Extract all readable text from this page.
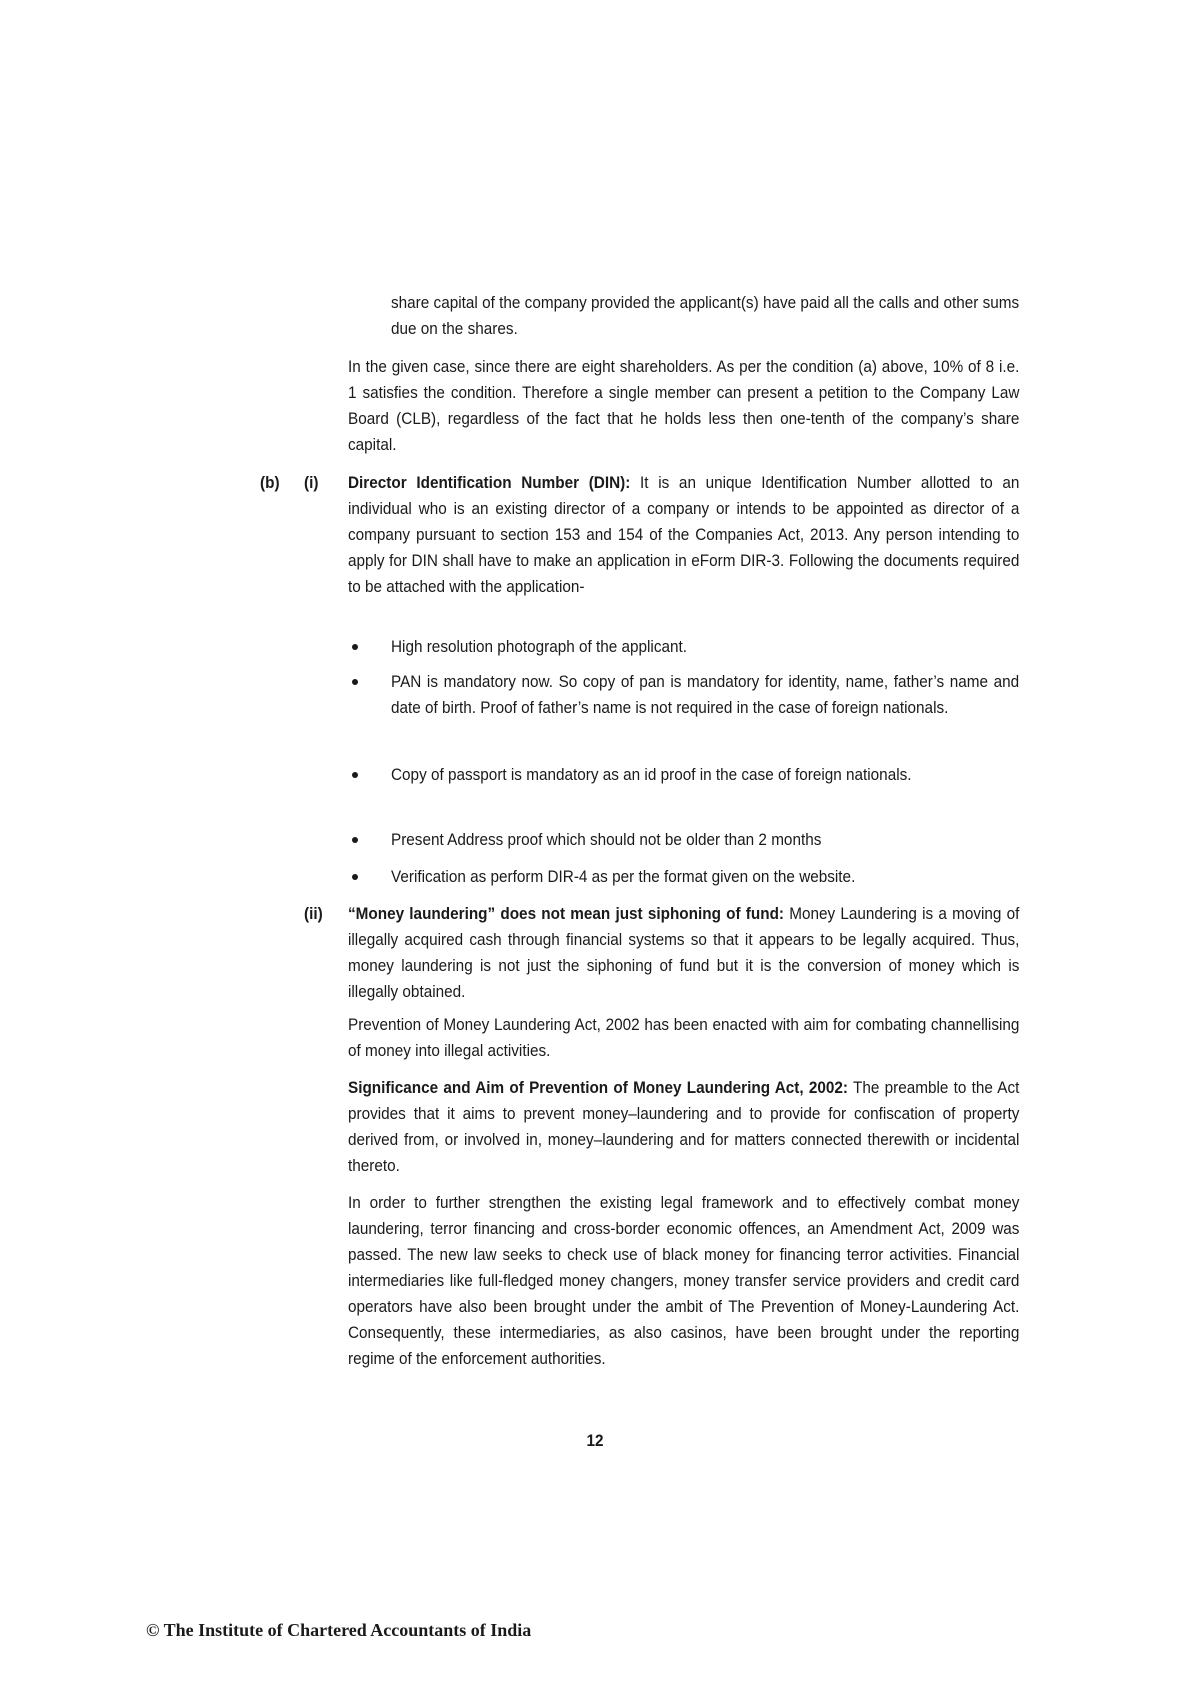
share capital of the company provided the applicant(s) have paid all the calls and other sums due on the shares.

In the given case, since there are eight shareholders. As per the condition (a) above, 10% of 8 i.e. 1 satisfies the condition. Therefore a single member can present a petition to the Company Law Board (CLB), regardless of the fact that he holds less then one-tenth of the company’s share capital.

(b) (i) Director Identification Number (DIN): It is an unique Identification Number allotted to an individual who is an existing director of a company or intends to be appointed as director of a company pursuant to section 153 and 154 of the Companies Act, 2013. Any person intending to apply for DIN shall have to make an application in eForm DIR-3. Following the documents required to be attached with the application-

High resolution photograph of the applicant.

PAN is mandatory now. So copy of pan is mandatory for identity, name, father’s name and date of birth. Proof of father’s name is not required in the case of foreign nationals.

Copy of passport is mandatory as an id proof in the case of foreign nationals.

Present Address proof which should not be older than 2 months

Verification as perform DIR-4 as per the format given on the website.

(ii) “Money laundering” does not mean just siphoning of fund: Money Laundering is a moving of illegally acquired cash through financial systems so that it appears to be legally acquired. Thus, money laundering is not just the siphoning of fund but it is the conversion of money which is illegally obtained.

Prevention of Money Laundering Act, 2002 has been enacted with aim for combating channellising of money into illegal activities.

Significance and Aim of Prevention of Money Laundering Act, 2002: The preamble to the Act provides that it aims to prevent money–laundering and to provide for confiscation of property derived from, or involved in, money–laundering and for matters connected therewith or incidental thereto.

In order to further strengthen the existing legal framework and to effectively combat money laundering, terror financing and cross-border economic offences, an Amendment Act, 2009 was passed. The new law seeks to check use of black money for financing terror activities. Financial intermediaries like full-fledged money changers, money transfer service providers and credit card operators have also been brought under the ambit of The Prevention of Money-Laundering Act. Consequently, these intermediaries, as also casinos, have been brought under the reporting regime of the enforcement authorities.

12
© The Institute of Chartered Accountants of India
